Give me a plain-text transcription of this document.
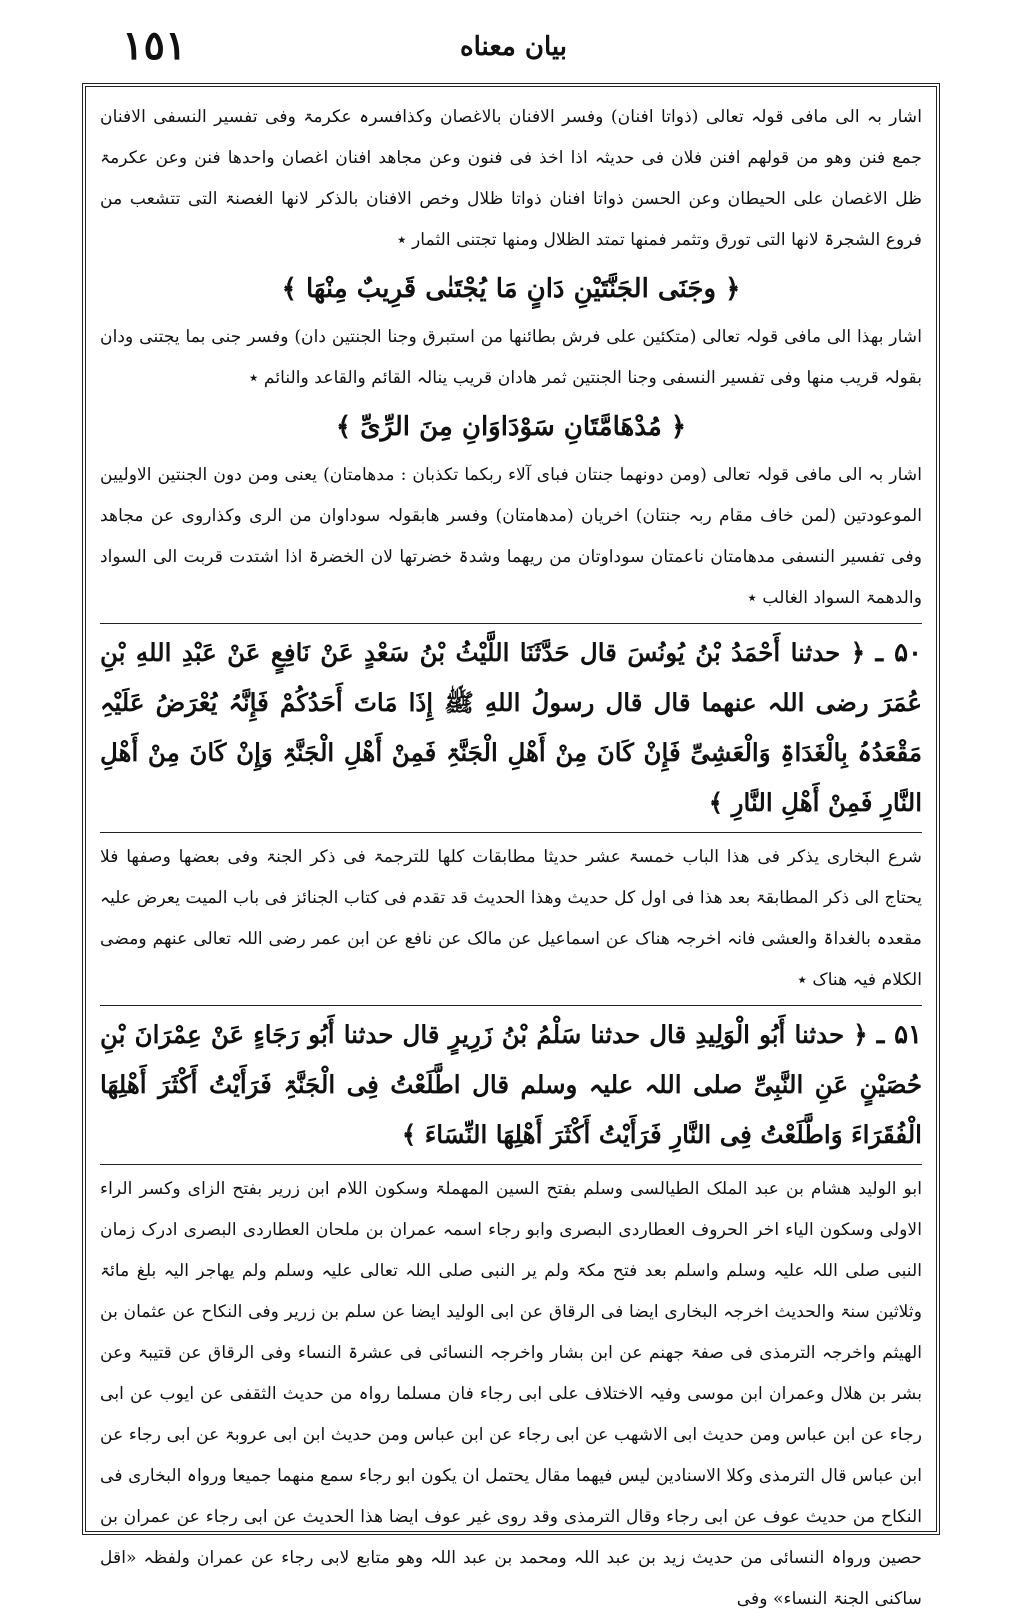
١٥١	بیان معناه

اشار بہ الی مافی قولہ تعالی (ذواتا افنان) وفسر الافنان بالاغصان وکذافسرہ عکرمۃ وفی تفسیر النسفی الافنان جمع فنن وھو من قولھم افنن فلان فی حدیثہ اذا اخذ فی فنون وعن مجاھد افنان اغصان واحدھا فنن وعن عکرمۃ ظل الاغصان علی الحیطان وعن الحسن ذواتا افنان ذواتا ظلال وخص الافنان بالذکر لانھا الغصنۃ التی تتشعب من فروع الشجرۃ لانھا التی تورق وتثمر فمنھا تمتد الظلال ومنھا تجتنی الثمار ٭

﴿ وجَنَی الجَنَّتَیْنِ دَانٍ مَا یُجْتَنٰی قَرِیبٌ مِنْھَا ﴾

اشار بھذا الی مافی قولہ تعالی (متکئین علی فرش بطائنھا من استبرق وجنا الجنتین دان) وفسر جنی بما یجتنی ودان بقولہ قریب منھا وفی تفسیر النسفی وجنا الجنتین ثمر ھادان قریب ینالہ القائم والقاعد والنائم ٭

﴿ مُدْھَامَّتَانِ سَوْدَاوَانِ مِنَ الرِّیِّ ﴾

اشار بہ الی مافی قولہ تعالی (ومن دونھما جنتان فبای آلاء ربکما تکذبان : مدھامتان) یعنی ومن دون الجنتین الاولیین الموعودتین (لمن خاف مقام ربہ جنتان) اخریان (مدھامتان) وفسر ھابقولہ سوداوان من الری وکذاروی عن مجاھد وفی تفسیر النسفی مدھامتان ناعمتان سوداوتان من ریھما وشدۃ خضرتھا لان الخضرۃ اذا اشتدت قربت الی السواد والدھمۃ السواد الغالب ٭

۵۰ ـ ﴿ حدثنا أَحْمَدُ بْنُ یُونُسَ قال حَدَّثَنَا اللَّیْثُ بْنُ سَعْدٍ عَنْ نَافِعٍ عَنْ عَبْدِ اللهِ بْنِ عُمَرَ رضی اللہ عنھما قال قال رسولُ اللهِ ﷺ إِذَا مَاتَ أَحَدُکُمْ فَإِنَّہُ یُعْرَضُ عَلَیْہِ مَقْعَدُہُ بِالْغَدَاۃِ وَالْعَشِیِّ فَإِنْ کَانَ مِنْ أَھْلِ الْجَنَّۃِ فَمِنْ أَھْلِ الْجَنَّۃِ وَإِنْ کَانَ مِنْ أَھْلِ النَّارِ فَمِنْ أَھْلِ النَّارِ ﴾

شرع البخاری یذکر فی ھذا الباب خمسۃ عشر حدیثا مطابقات کلھا للترجمۃ فی ذکر الجنۃ وفی بعضھا وصفھا فلا یحتاج الی ذکر المطابقۃ بعد ھذا فی اول کل حدیث وھذا الحدیث قد تقدم فی کتاب الجنائز فی باب المیت یعرض علیہ مقعدہ بالغداۃ والعشی فانہ اخرجہ ھناک عن اسماعیل عن مالک عن نافع عن ابن عمر رضی اللہ تعالی عنھم ومضی الکلام فیہ ھناک ٭

۵۱ ـ ﴿ حدثنا أَبُو الْوَلِیدِ قال حدثنا سَلْمُ بْنُ زَرِیرٍ قال حدثنا أَبُو رَجَاءٍ عَنْ عِمْرَانَ بْنِ حُصَیْنٍ عَنِ النَّبِیِّ صلی اللہ علیہ وسلم قال اطَّلَعْتُ فِی الْجَنَّۃِ فَرَأَیْتُ أَکْثَرَ أَھْلِھَا الْفُقَرَاءَ وَاطَّلَعْتُ فِی النَّارِ فَرَأَیْتُ أَکْثَرَ أَھْلِھَا النِّسَاءَ ﴾

ابو الولید ھشام بن عبد الملک الطیالسی وسلم بفتح السین المھملۃ وسکون اللام ابن زریر بفتح الزای وکسر الراء الاولی وسکون الیاء اخر الحروف العطاردی البصری وابو رجاء اسمہ عمران بن ملحان العطاردی البصری ادرک زمان النبی صلی اللہ علیہ وسلم واسلم بعد فتح مکۃ ولم یر النبی صلی اللہ تعالی علیہ وسلم ولم یھاجر الیہ بلغ مائۃ وثلاثین سنۃ والحدیث اخرجہ البخاری ایضا فی الرقاق عن ابی الولید ایضا عن سلم بن زریر وفی النکاح عن عثمان بن الھیثم واخرجہ الترمذی فی صفۃ جھنم عن ابن بشار واخرجہ النسائی فی عشرۃ النساء وفی الرقاق عن قتیبۃ وعن بشر بن ھلال وعمران ابن موسی وفیہ الاختلاف علی ابی رجاء فان مسلما رواہ من حدیث الثقفی عن ایوب عن ابی رجاء عن ابن عباس ومن حدیث ابی الاشھب عن ابی رجاء عن ابن عباس ومن حدیث ابن ابی عروبۃ عن ابی رجاء عن ابن عباس قال الترمذی وکلا الاسنادین لیس فیھما مقال یحتمل ان یکون ابو رجاء سمع منھما جمیعا ورواہ البخاری فی النکاح من حدیث عوف عن ابی رجاء وقال الترمذی وقد روی غیر عوف ایضا ھذا الحدیث عن ابی رجاء عن عمران بن حصین ورواہ النسائی من حدیث زید بن عبد اللہ ومحمد بن عبد اللہ وھو متابع لابی رجاء عن عمران ولفظہ «اقل ساکنی الجنۃ النساء» وفی
